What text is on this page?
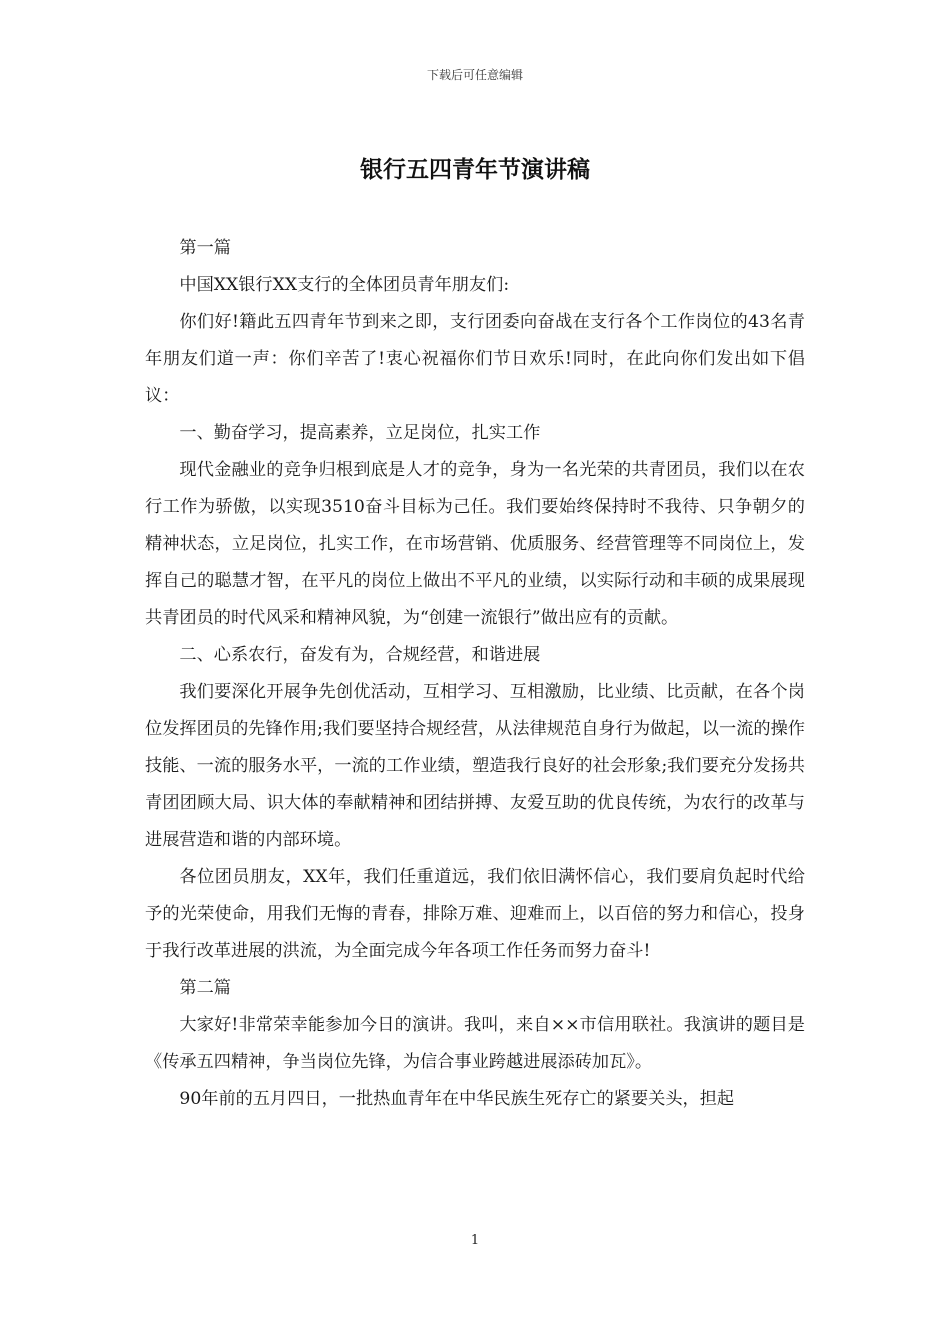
下载后可任意编辑
银行五四青年节演讲稿

第一篇

中国XX银行XX支行的全体团员青年朋友们:

你们好!籍此五四青年节到来之即，支行团委向奋战在支行各个工作岗位的43名青年朋友们道一声：你们辛苦了!衷心祝福你们节日欢乐!同时，在此向你们发出如下倡议：

一、勤奋学习，提高素养，立足岗位，扎实工作

现代金融业的竞争归根到底是人才的竞争，身为一名光荣的共青团员，我们以在农行工作为骄傲，以实现3510奋斗目标为己任。我们要始终保持时不我待、只争朝夕的精神状态，立足岗位，扎实工作，在市场营销、优质服务、经营管理等不同岗位上，发挥自己的聪慧才智，在平凡的岗位上做出不平凡的业绩，以实际行动和丰硕的成果展现共青团员的时代风采和精神风貌，为“创建一流银行”做出应有的贡献。

二、心系农行，奋发有为，合规经营，和谐进展

我们要深化开展争先创优活动，互相学习、互相激励，比业绩、比贡献，在各个岗位发挥团员的先锋作用;我们要坚持合规经营，从法律规范自身行为做起，以一流的操作技能、一流的服务水平，一流的工作业绩，塑造我行良好的社会形象;我们要充分发扬共青团团顾大局、识大体的奉献精神和团结拼搏、友爱互助的优良传统，为农行的改革与进展营造和谐的内部环境。

各位团员朋友，XX年，我们任重道远，我们依旧满怀信心，我们要肩负起时代给予的光荣使命，用我们无悔的青春，排除万难、迎难而上，以百倍的努力和信心，投身于我行改革进展的洪流，为全面完成今年各项工作任务而努力奋斗!

第二篇

大家好!非常荣幸能参加今日的演讲。我叫，来自××市信用联社。我演讲的题目是《传承五四精神，争当岗位先锋，为信合事业跨越进展添砖加瓦》。

90年前的五月四日，一批热血青年在中华民族生死存亡的紧要关头，担起

1
